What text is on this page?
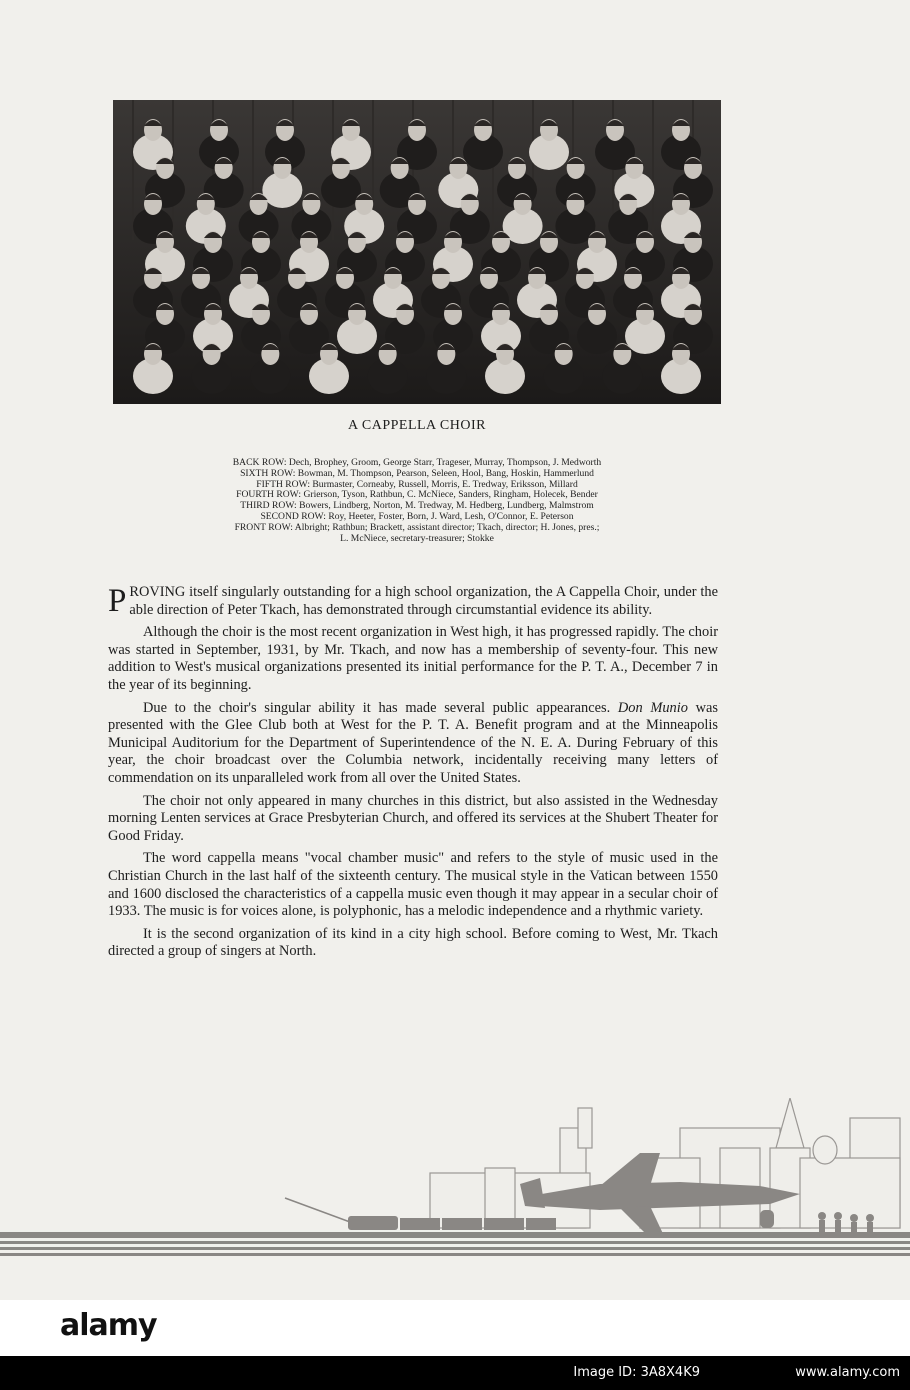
A CAPPELLA CHOIR
BACK ROW: Dech, Brophey, Groom, George Starr, Trageser, Murray, Thompson, J. Medworth
SIXTH ROW: Bowman, M. Thompson, Pearson, Seleen, Hool, Bang, Hoskin, Hammerlund
FIFTH ROW: Burmaster, Corneaby, Russell, Morris, E. Tredway, Eriksson, Millard
FOURTH ROW: Grierson, Tyson, Rathbun, C. McNiece, Sanders, Ringham, Holecek, Bender
THIRD ROW: Bowers, Lindberg, Norton, M. Tredway, M. Hedberg, Lundberg, Malmstrom
SECOND ROW: Roy, Heeter, Foster, Born, J. Ward, Lesh, O'Connor, E. Peterson
FRONT ROW: Albright; Rathbun; Brackett, assistant director; Tkach, director; H. Jones, pres.;
L. McNiece, secretary-treasurer; Stokke

PROVING itself singularly outstanding for a high school organization, the A Cappella Choir, under the able direction of Peter Tkach, has demonstrated through circumstantial evidence its ability.

Although the choir is the most recent organization in West high, it has progressed rapidly. The choir was started in September, 1931, by Mr. Tkach, and now has a membership of seventy-four. This new addition to West's musical organizations presented its initial performance for the P. T. A., December 7 in the year of its beginning.

Due to the choir's singular ability it has made several public appearances. Don Munio was presented with the Glee Club both at West for the P. T. A. Benefit program and at the Minneapolis Municipal Auditorium for the Department of Superintendence of the N. E. A. During February of this year, the choir broadcast over the Columbia network, incidentally receiving many letters of commendation on its unparalleled work from all over the United States.

The choir not only appeared in many churches in this district, but also assisted in the Wednesday morning Lenten services at Grace Presbyterian Church, and offered its services at the Shubert Theater for Good Friday.

The word cappella means "vocal chamber music" and refers to the style of music used in the Christian Church in the last half of the sixteenth century. The musical style in the Vatican between 1550 and 1600 disclosed the characteristics of a cappella music even though it may appear in a secular choir of 1933. The music is for voices alone, is polyphonic, has a melodic independence and a rhythmic variety.

It is the second organization of its kind in a city high school. Before coming to West, Mr. Tkach directed a group of singers at North.

alamy
Image ID: 3A8X4K9	www.alamy.com
